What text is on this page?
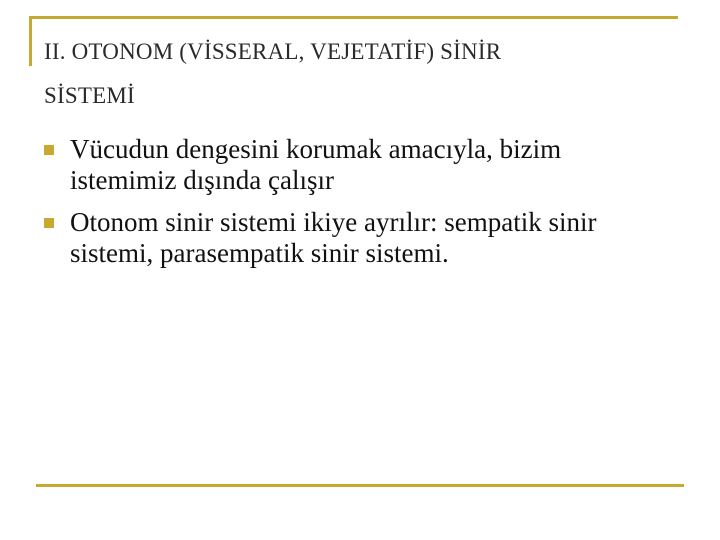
II. OTONOM (VİSSERAL, VEJETATİF) SİNİR
SİSTEMİ
Vücudun dengesini korumak amacıyla, bizim istemimiz dışında çalışır
Otonom sinir sistemi ikiye ayrılır: sempatik sinir sistemi, parasempatik sinir sistemi.
